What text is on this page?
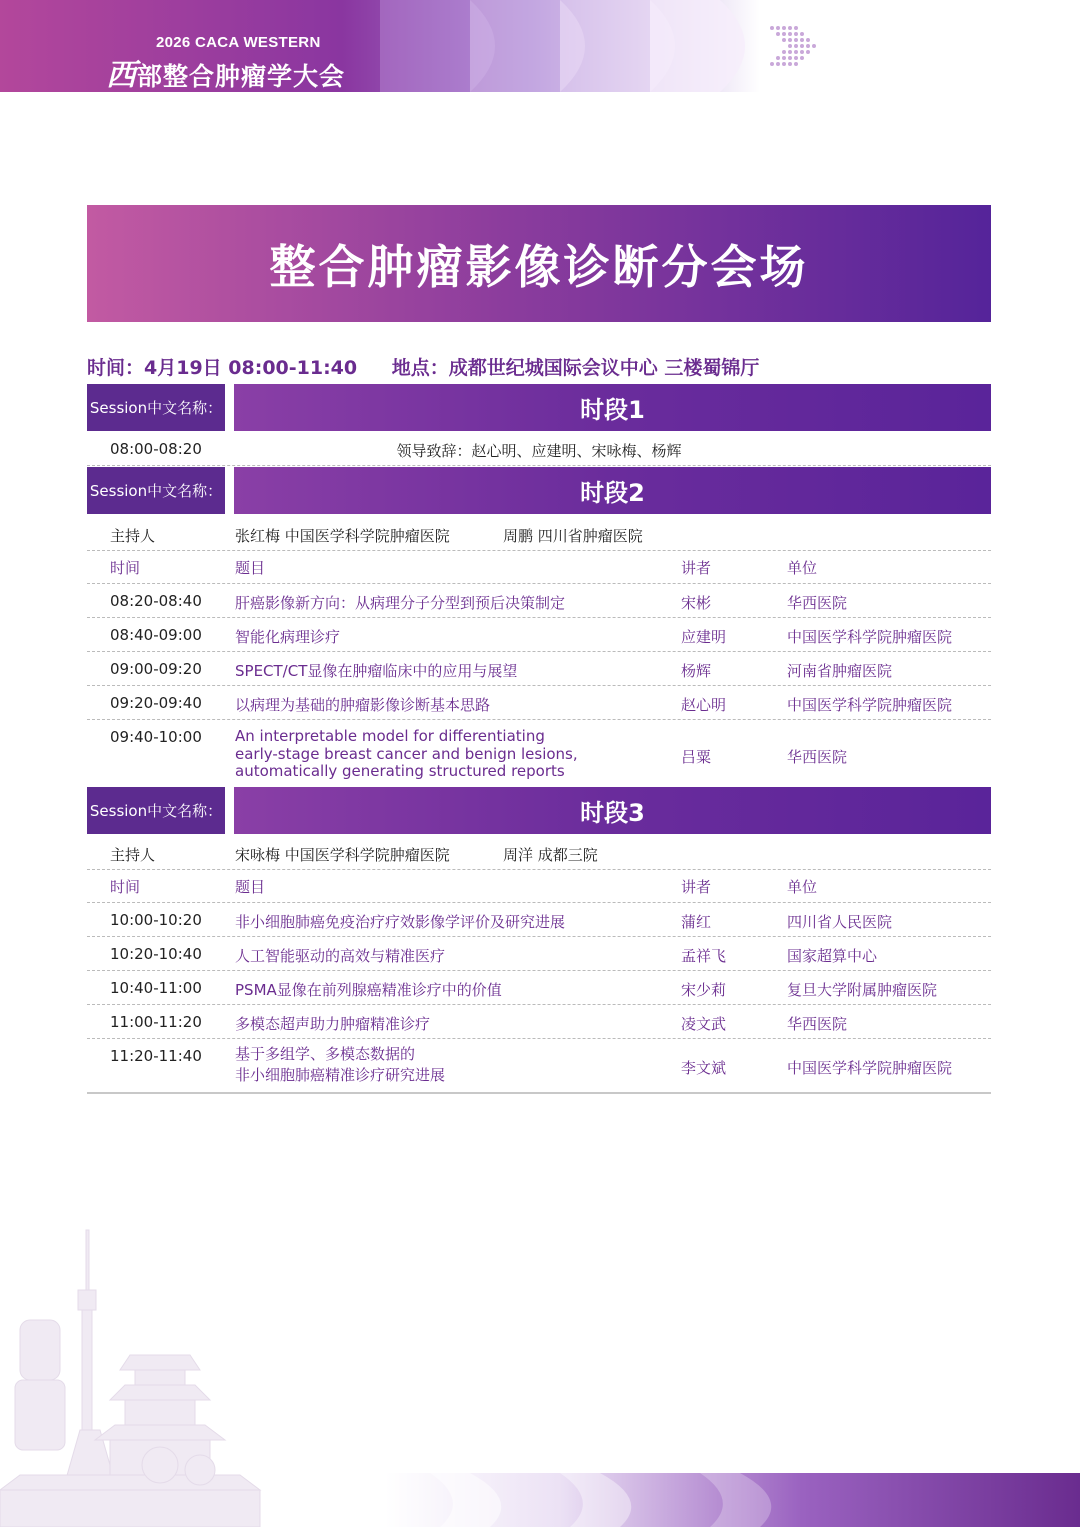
2026 CACA WESTERN
西部整合肿瘤学大会
整合肿瘤影像诊断分会场
时间：4月19日 08:00-11:40 地点：成都世纪城国际会议中心 三楼蜀锦厅
Session中文名称：	时段1
08:00-08:20	领导致辞：赵心明、应建明、宋咏梅、杨辉
Session中文名称：	时段2
主持人	张红梅 中国医学科学院肿瘤医院	周鹏 四川省肿瘤医院
时间	题目	讲者	单位
08:20-08:40 肝癌影像新方向：从病理分子分型到预后决策制定	宋彬	华西医院
08:40-09:00 智能化病理诊疗	应建明	中国医学科学院肿瘤医院
09:00-09:20 SPECT/CT显像在肿瘤临床中的应用与展望	杨辉	河南省肿瘤医院
09:20-09:40 以病理为基础的肿瘤影像诊断基本思路	赵心明	中国医学科学院肿瘤医院
09:40-10:00 An interpretable model for differentiating
early-stage breast cancer and benign lesions,
automatically generating structured reports
吕粟	华西医院
Session中文名称：	时段3
主持人	宋咏梅 中国医学科学院肿瘤医院	周洋 成都三院
时间	题目	讲者	单位
10:00-10:20 非小细胞肺癌免疫治疗疗效影像学评价及研究进展	蒲红	四川省人民医院
10:20-10:40 人工智能驱动的高效与精准医疗	孟祥飞	国家超算中心
10:40-11:00 PSMA显像在前列腺癌精准诊疗中的价值	宋少莉	复旦大学附属肿瘤医院
11:00-11:20 多模态超声助力肿瘤精准诊疗	凌文武	华西医院
11:20-11:40 基于多组学、多模态数据的
非小细胞肺癌精准诊疗研究进展	李文斌	中国医学科学院肿瘤医院
